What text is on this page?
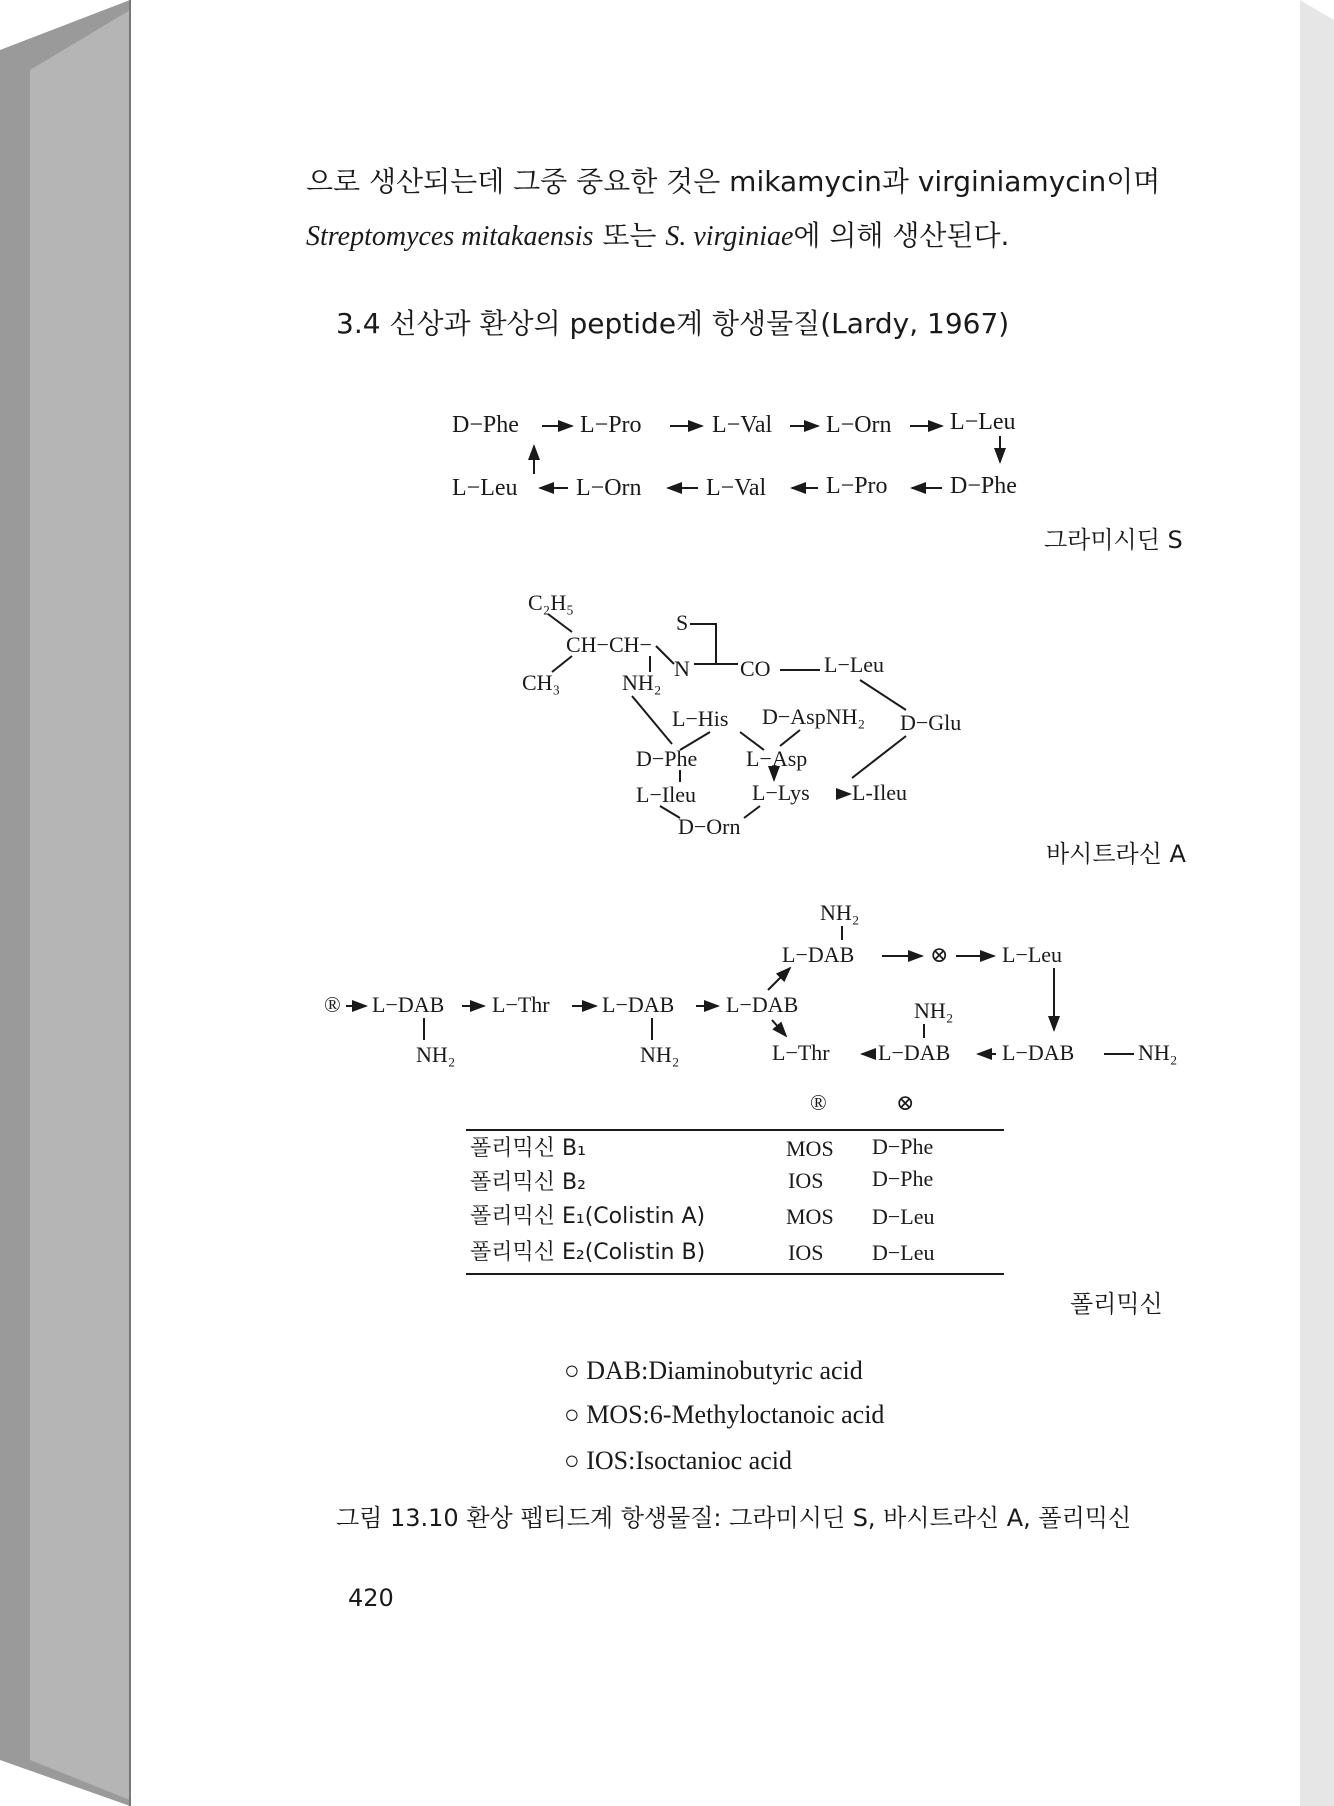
으로 생산되는데 그중 중요한 것은 mikamycin과 virginiamycin이며
Streptomyces mitakaensis 또는 S. virginiae에 의해 생산된다.
3.4 선상과 환상의 peptide계 항생물질(Lardy, 1967)
D−Phe	L−Pro	L−Val L−Orn L−Leu
L−Leu L−Orn	L−Val L−Pro	D−Phe
그라미시딘 S
C₂H₅
CH−CH−
S
N
CH₃	NH₂
CO L−Leu
L−His D−AspNH₂ D−Glu
D−Phe L−Asp
L−Ileu	L−Lys L-Ileu
D−Orn
바시트라신 A
NH₂
L−DAB	⊗ L−Leu
® L−DAB L−Thr L−DAB L−DAB	NH₂
NH₂	NH₂	L−Thr L−DAB L−DAB	NH₂
®	⊗
폴리믹신 B₁	MOS D−Phe
폴리믹신 B₂	IOS D−Phe
폴리믹신 E₁(Colistin A)	MOS D−Leu
폴리믹신 E₂(Colistin B)	IOS D−Leu
폴리믹신
○ DAB:Diaminobutyric acid
○ MOS:6-Methyloctanoic acid
○ IOS:Isoctanioc acid
그림 13.10 환상 펩티드계 항생물질: 그라미시딘 S, 바시트라신 A, 폴리믹신
420
